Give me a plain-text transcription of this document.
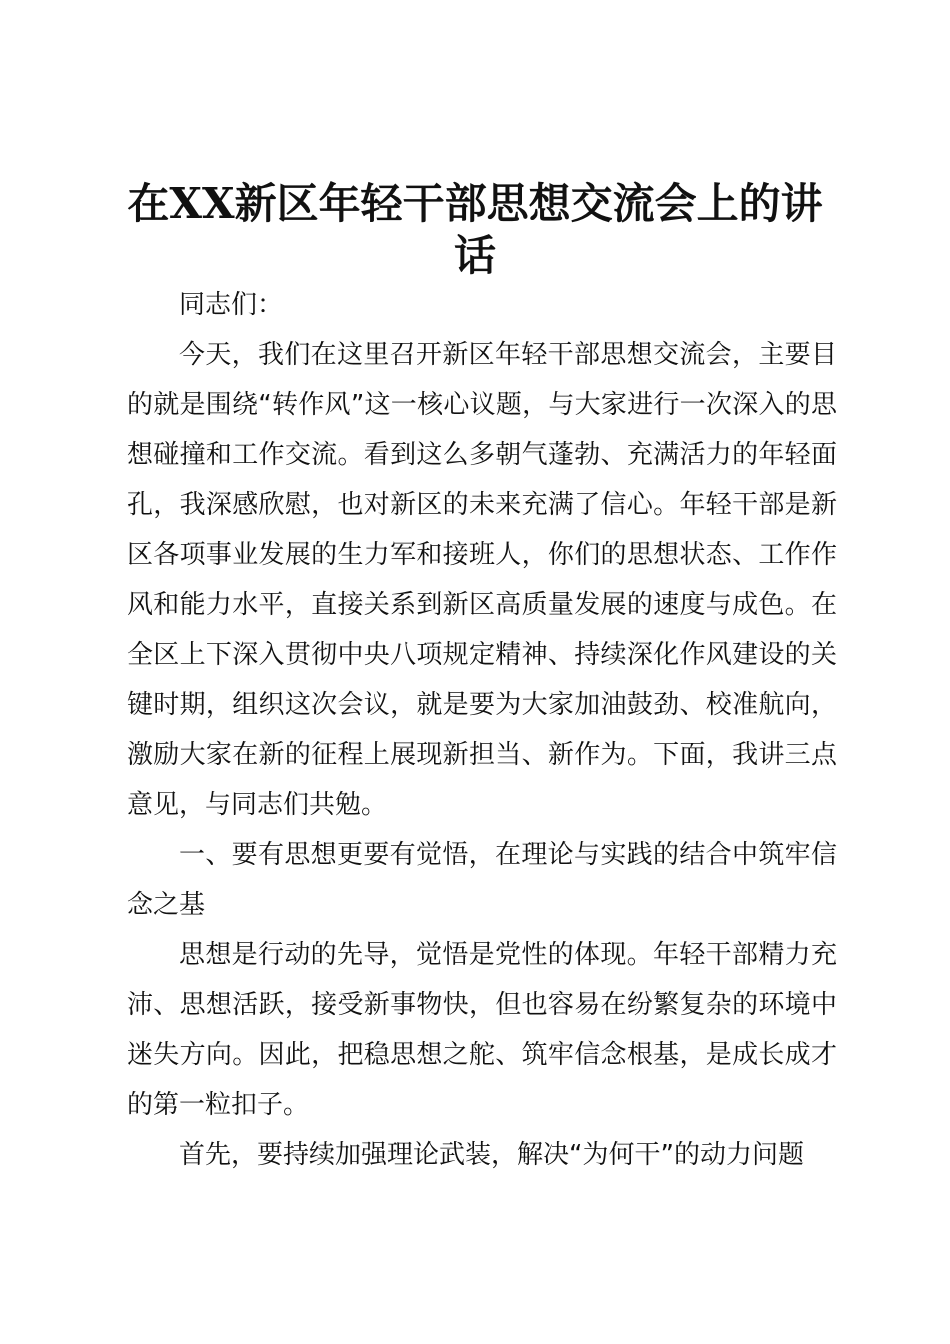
在XX新区年轻干部思想交流会上的讲话

同志们：

今天，我们在这里召开新区年轻干部思想交流会，主要目的就是围绕“转作风”这一核心议题，与大家进行一次深入的思想碰撞和工作交流。看到这么多朝气蓬勃、充满活力的年轻面孔，我深感欣慰，也对新区的未来充满了信心。年轻干部是新区各项事业发展的生力军和接班人，你们的思想状态、工作作风和能力水平，直接关系到新区高质量发展的速度与成色。在全区上下深入贯彻中央八项规定精神、持续深化作风建设的关键时期，组织这次会议，就是要为大家加油鼓劲、校准航向，激励大家在新的征程上展现新担当、新作为。下面，我讲三点意见，与同志们共勉。

一、要有思想更要有觉悟，在理论与实践的结合中筑牢信念之基

思想是行动的先导，觉悟是党性的体现。年轻干部精力充沛、思想活跃，接受新事物快，但也容易在纷繁复杂的环境中迷失方向。因此，把稳思想之舵、筑牢信念根基，是成长成才的第一粒扣子。

首先，要持续加强理论武装，解决“为何干”的动力问题
